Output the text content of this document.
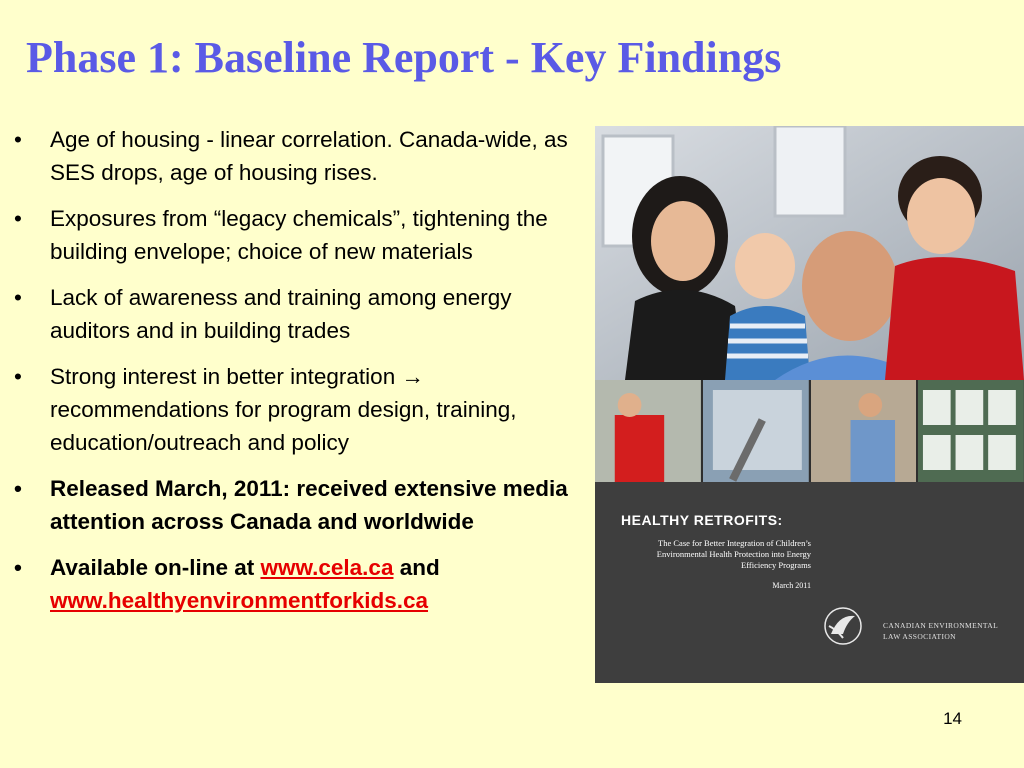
Phase 1: Baseline Report - Key Findings
• Age of housing - linear correlation. Canada-wide, as SES drops, age of housing rises.
• Exposures from “legacy chemicals”, tightening the building envelope; choice of new materials
• Lack of awareness and training among energy auditors and in building trades
• Strong interest in better integration → recommendations for program design, training, education/outreach and policy
• Released March, 2011: received extensive media attention across Canada and worldwide
• Available on-line at www.cela.ca and
www.healthyenvironmentforkids.ca

HEALTHY RETROFITS:

The Case for Better Integration of Children’s Environmental Health Protection into Energy Efficiency Programs

March 2011
CANADIAN ENVIRONMENTAL
LAW ASSOCIATION
14
